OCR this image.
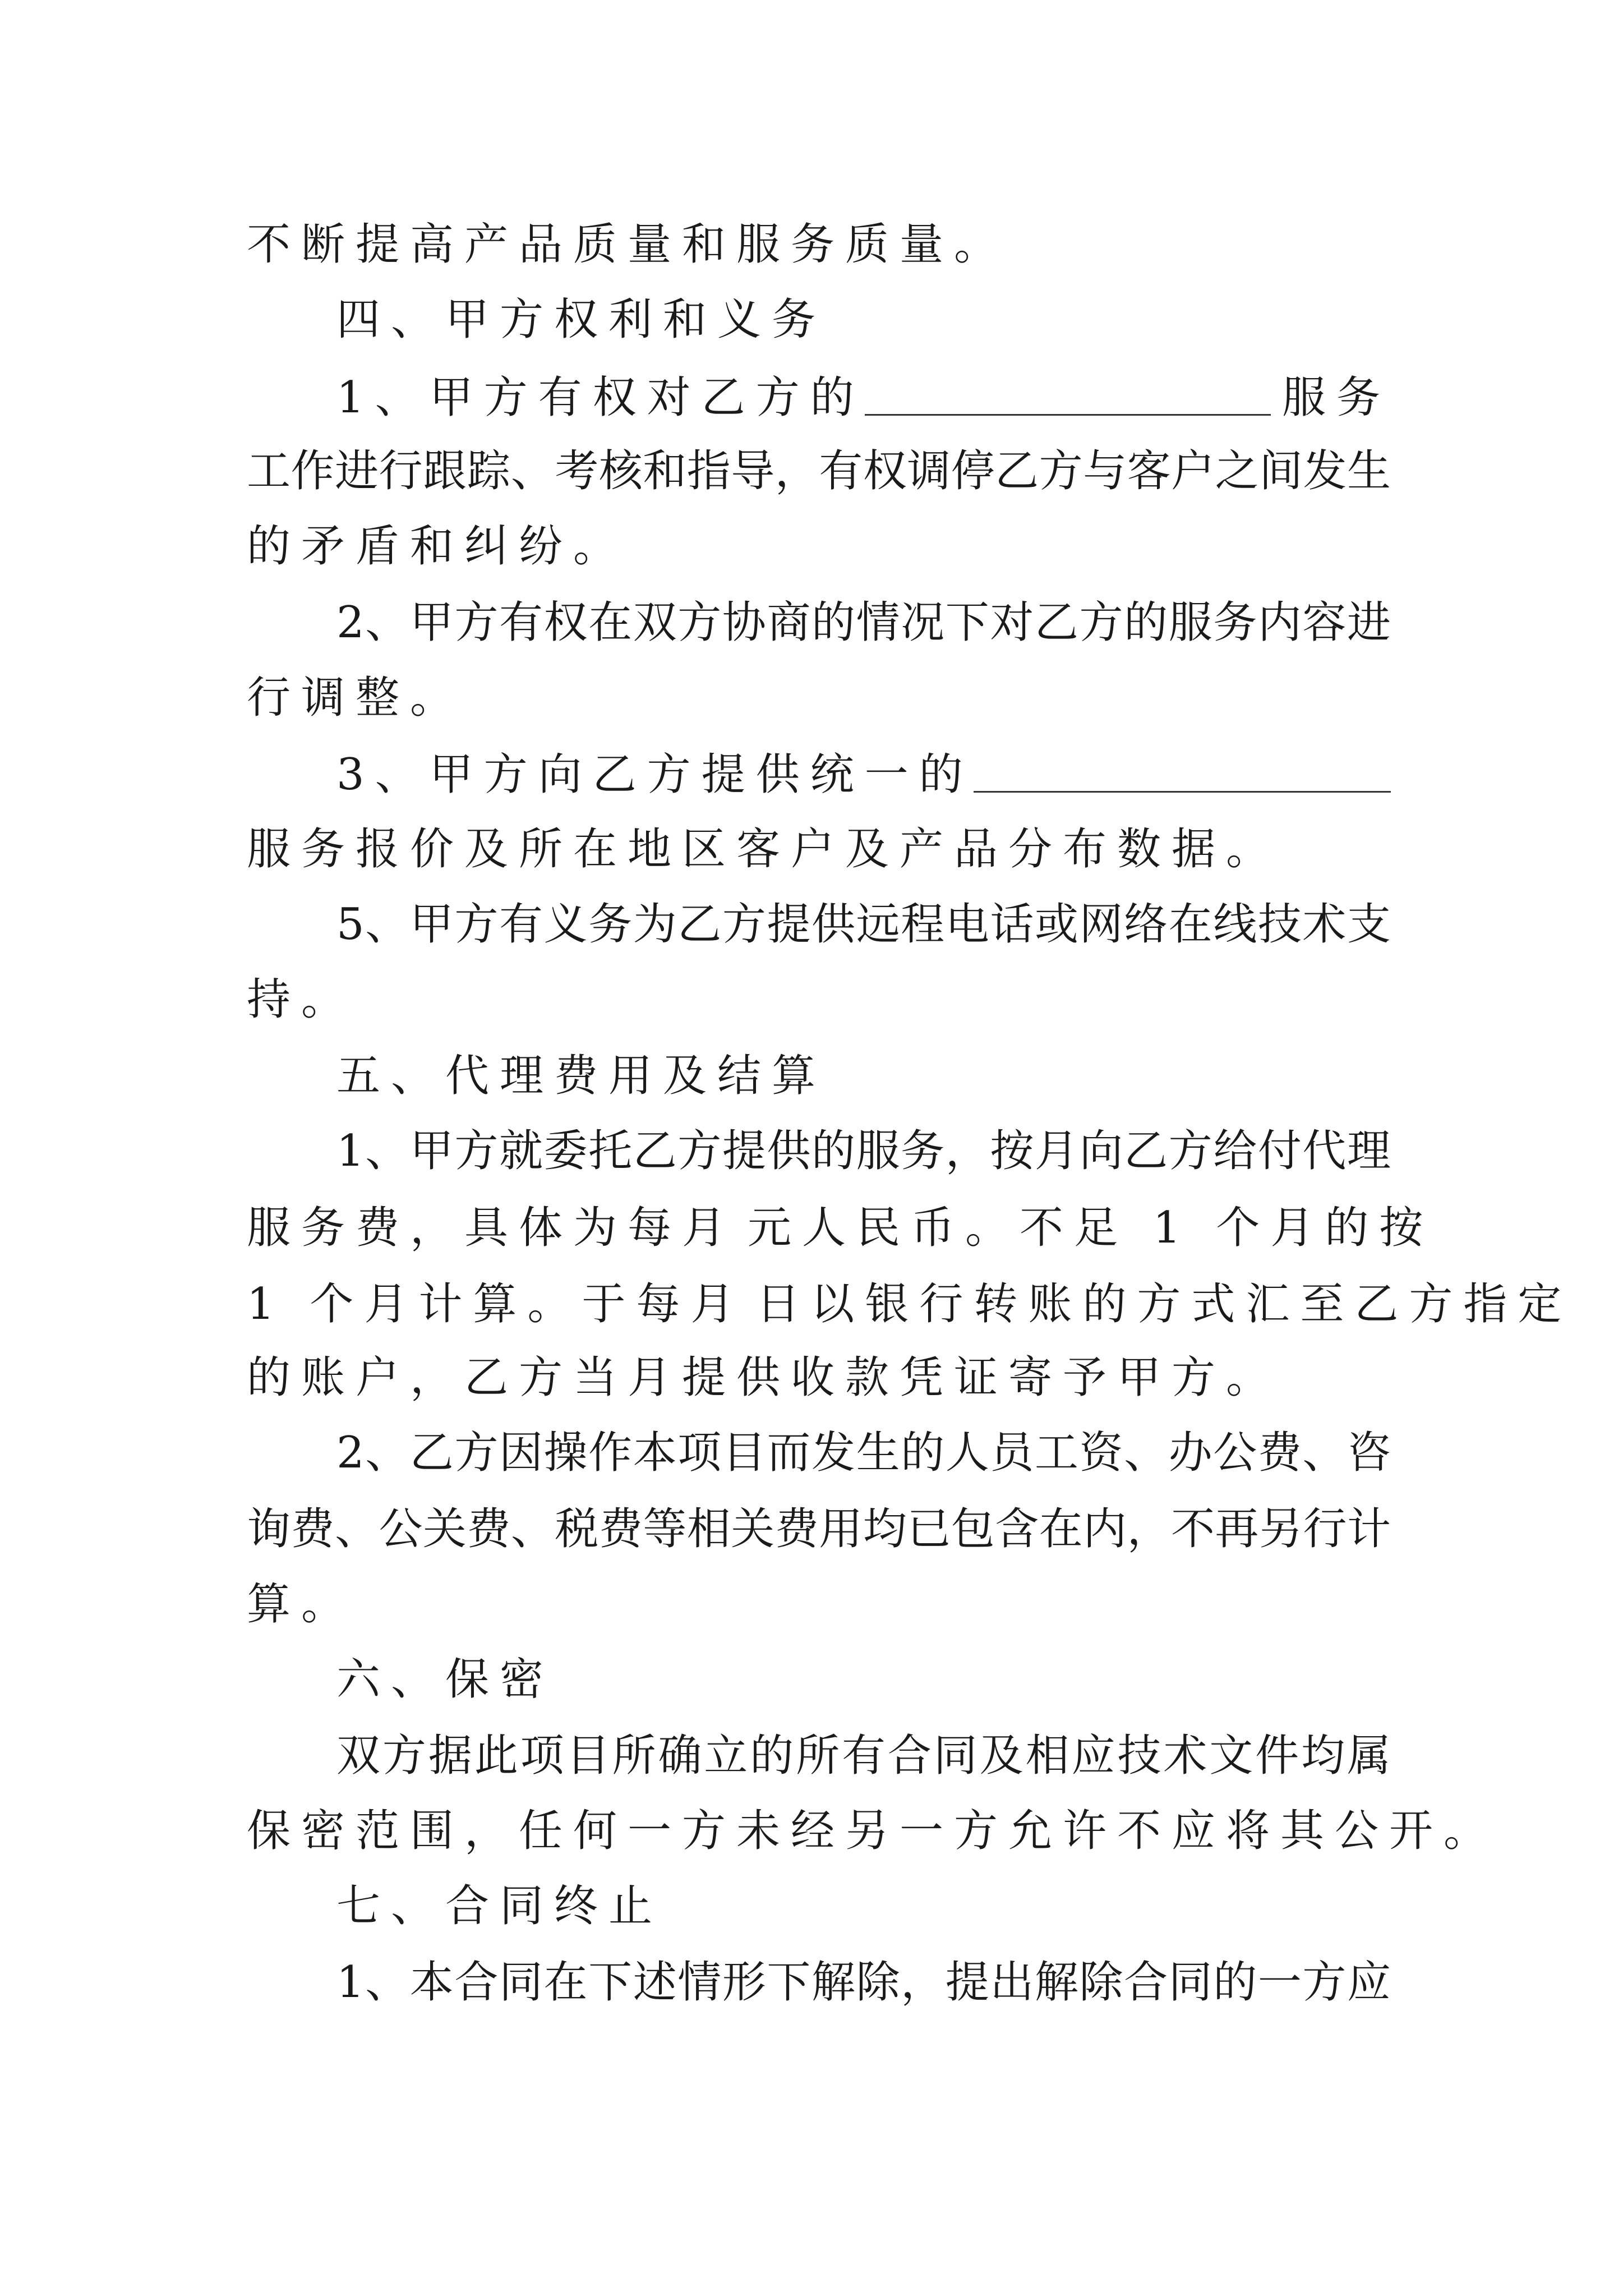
不断提高产品质量和服务质量。
四、甲方权利和义务
1、甲方有权对乙方的	服务
工作进行跟踪、考核和指导，有权调停乙方与客户之间发生
的矛盾和纠纷。
2、甲方有权在双方协商的情况下对乙方的服务内容进
行调整。
3、甲方向乙方提供统一的
服务报价及所在地区客户及产品分布数据。
5、甲方有义务为乙方提供远程电话或网络在线技术支
持。
五、代理费用及结算
1、甲方就委托乙方提供的服务，按月向乙方给付代理
服务费，具体为每月 元人民币。不足 1 个月的按
1 个月计算。于每月 日以银行转账的方式汇至乙方指定
的账户，乙方当月提供收款凭证寄予甲方。
2、乙方因操作本项目而发生的人员工资、办公费、咨
询费、公关费、税费等相关费用均已包含在内，不再另行计
算。
六、保密
双方据此项目所确立的所有合同及相应技术文件均属
保密范围，任何一方未经另一方允许不应将其公开。
七、合同终止
1、本合同在下述情形下解除，提出解除合同的一方应
